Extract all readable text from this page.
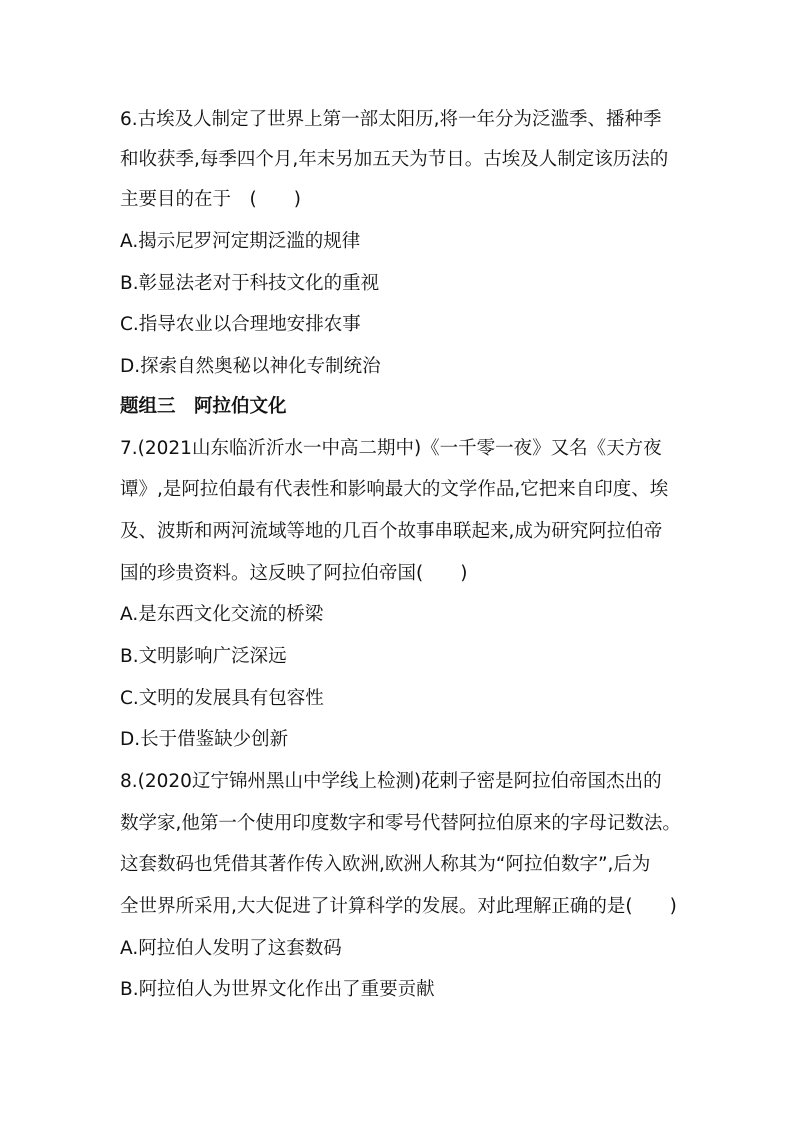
6.古埃及人制定了世界上第一部太阳历,将一年分为泛滥季、播种季
和收获季,每季四个月,年末另加五天为节日。古埃及人制定该历法的
主要目的在于　(　　)
A.揭示尼罗河定期泛滥的规律
B.彰显法老对于科技文化的重视
C.指导农业以合理地安排农事
D.探索自然奥秘以神化专制统治
题组三　阿拉伯文化
7.(2021山东临沂沂水一中高二期中)《一千零一夜》又名《天方夜
谭》,是阿拉伯最有代表性和影响最大的文学作品,它把来自印度、埃
及、波斯和两河流域等地的几百个故事串联起来,成为研究阿拉伯帝
国的珍贵资料。这反映了阿拉伯帝国(　　)
A.是东西文化交流的桥梁
B.文明影响广泛深远
C.文明的发展具有包容性
D.长于借鉴缺少创新
8.(2020辽宁锦州黑山中学线上检测)花剌子密是阿拉伯帝国杰出的
数学家,他第一个使用印度数字和零号代替阿拉伯原来的字母记数法。
这套数码也凭借其著作传入欧洲,欧洲人称其为“阿拉伯数字”,后为
全世界所采用,大大促进了计算科学的发展。对此理解正确的是(　　)
A.阿拉伯人发明了这套数码
B.阿拉伯人为世界文化作出了重要贡献
